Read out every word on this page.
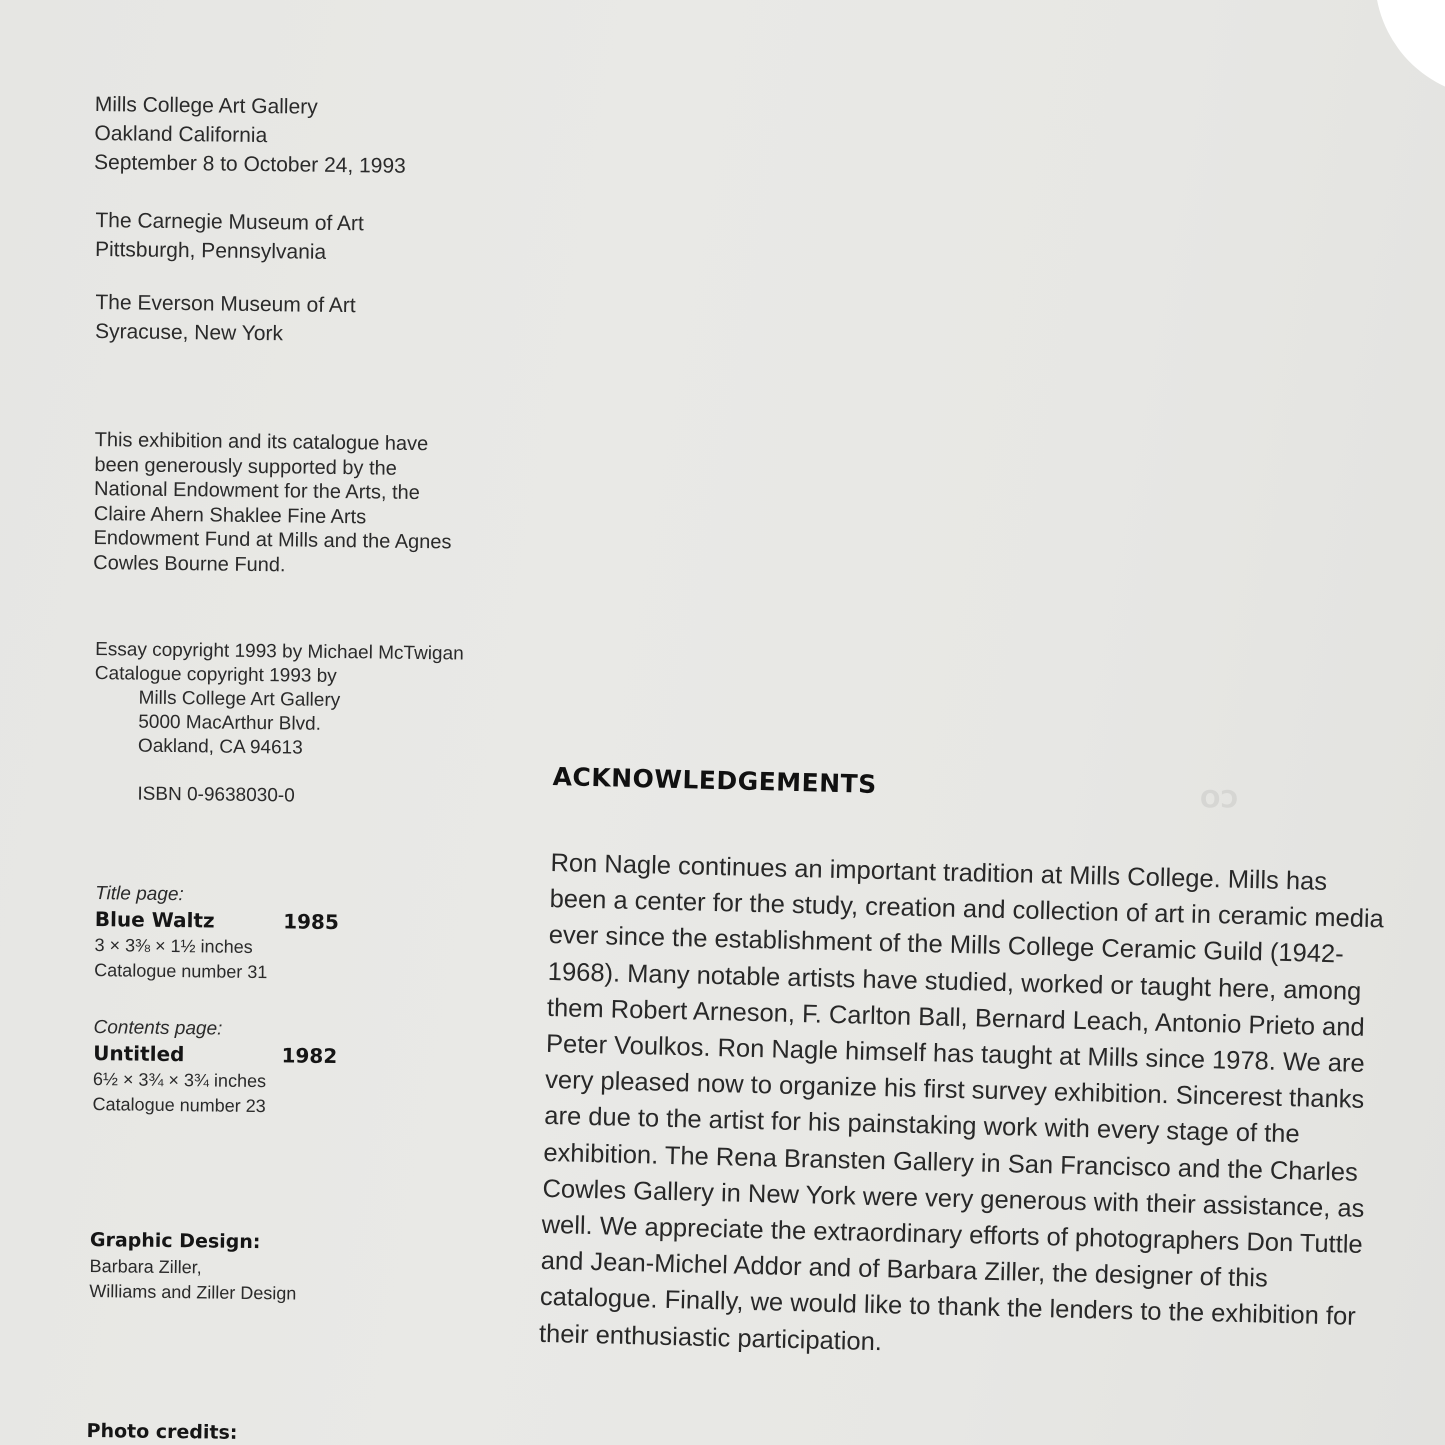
CO
Mills College Art Gallery
Oakland California
September 8 to October 24, 1993
The Carnegie Museum of Art
Pittsburgh, Pennsylvania
The Everson Museum of Art
Syracuse, New York
This exhibition and its catalogue have
been generously supported by the
National Endowment for the Arts, the
Claire Ahern Shaklee Fine Arts
Endowment Fund at Mills and the Agnes
Cowles Bourne Fund.
Essay copyright 1993 by Michael McTwigan
Catalogue copyright 1993 by
Mills College Art Gallery
5000 MacArthur Blvd.
Oakland, CA 94613
ISBN 0-9638030-0
Title page:
Blue Waltz	1985
3 × 3⅜ × 1½ inches
Catalogue number 31
Contents page:
Untitled	1982
6½ × 3¾ × 3¾ inches
Catalogue number 23
Graphic Design:
Barbara Ziller,
Williams and Ziller Design
Photo credits:
ACKNOWLEDGEMENTS
Ron Nagle continues an important tradition at Mills College. Mills has been a center for the study, creation and collection of art in ceramic media ever since the establishment of the Mills College Ceramic Guild (1942-1968). Many notable artists have studied, worked or taught here, among them Robert Arneson, F. Carlton Ball, Bernard Leach, Antonio Prieto and Peter Voulkos. Ron Nagle himself has taught at Mills since 1978. We are very pleased now to organize his first survey exhibition. Sincerest thanks are due to the artist for his painstaking work with every stage of the exhibition. The Rena Bransten Gallery in San Francisco and the Charles Cowles Gallery in New York were very generous with their assistance, as well. We appreciate the extraordinary efforts of photographers Don Tuttle and Jean-Michel Addor and of Barbara Ziller, the designer of this catalogue. Finally, we would like to thank the lenders to the exhibition for their enthusiastic participation.
